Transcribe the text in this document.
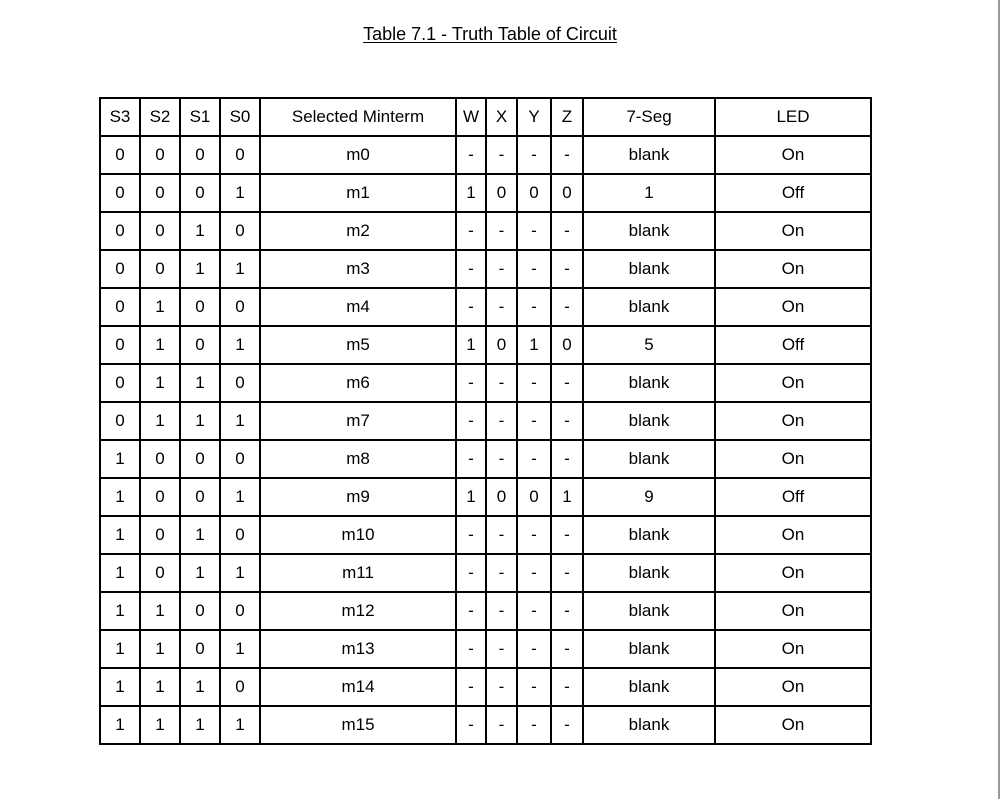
Table 7.1 - Truth Table of Circuit
S3	S2	S1	S0	Selected Minterm	W	X	Y	Z	7-Seg	LED
0	0	0	0	m0	-	-	-	-	blank	On
0	0	0	1	m1	1	0	0	0	1	Off
0	0	1	0	m2	-	-	-	-	blank	On
0	0	1	1	m3	-	-	-	-	blank	On
0	1	0	0	m4	-	-	-	-	blank	On
0	1	0	1	m5	1	0	1	0	5	Off
0	1	1	0	m6	-	-	-	-	blank	On
0	1	1	1	m7	-	-	-	-	blank	On
1	0	0	0	m8	-	-	-	-	blank	On
1	0	0	1	m9	1	0	0	1	9	Off
1	0	1	0	m10	-	-	-	-	blank	On
1	0	1	1	m11	-	-	-	-	blank	On
1	1	0	0	m12	-	-	-	-	blank	On
1	1	0	1	m13	-	-	-	-	blank	On
1	1	1	0	m14	-	-	-	-	blank	On
1	1	1	1	m15	-	-	-	-	blank	On
